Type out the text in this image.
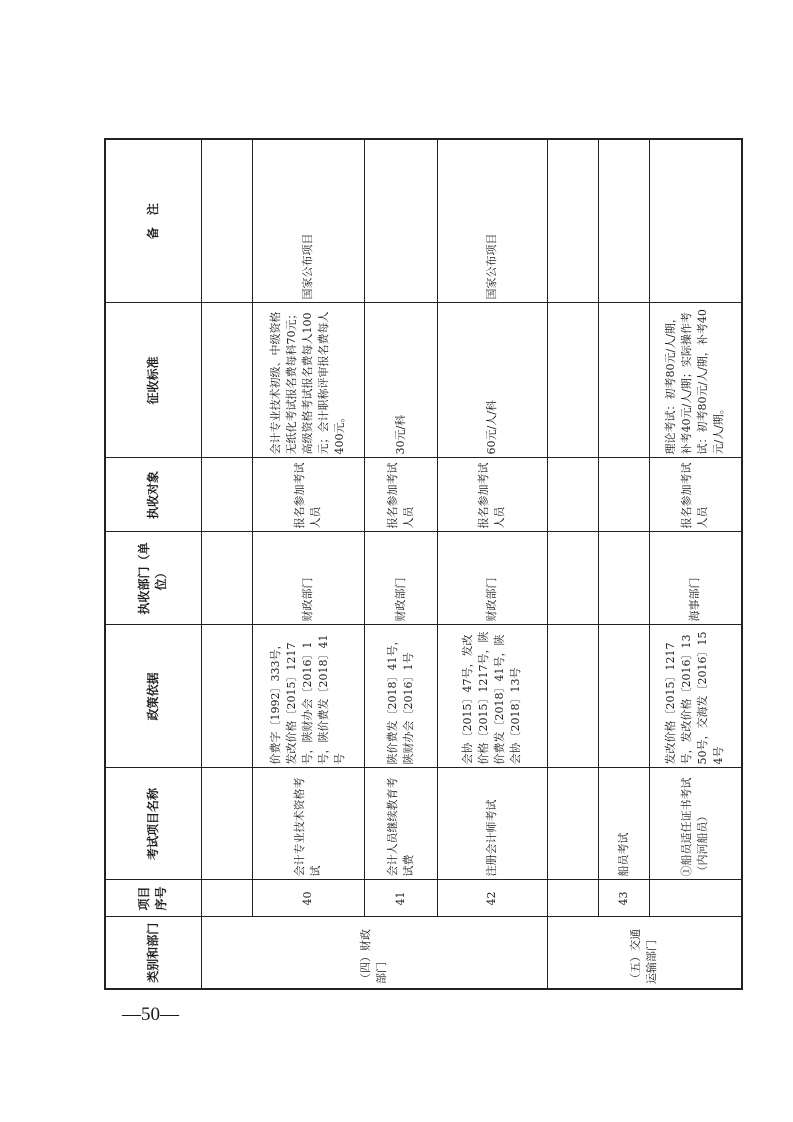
—50—
类别和部门	项目序号	考试项目名称	政策依据	执收部门（单位）	执收对象	征收标准	备　注
（四）财政部门							
	40	会计专业技术资格考试	价费字〔1992〕333号，发改价格〔2015〕1217号，陕财办会〔2016〕1号，陕价费发〔2018〕41号	财政部门	报名参加考试人员	会计专业技术初级、中级资格无纸化考试报名费每科70元；高级资格考试报名费每人100元；会计职称评审报名费每人400元。	国家公布项目
	41	会计人员继续教育考试费	陕价费发〔2018〕41号，陕财办会〔2016〕1号	财政部门	报名参加考试人员	30元/科	
	42	注册会计师考试	会协〔2015〕47号，发改价格〔2015〕1217号，陕价费发〔2018〕41号，陕会协〔2018〕13号	财政部门	报名参加考试人员	60元/人/科	国家公布项目
（五）交通运输部门							
	43	船员考试					
		①船员适任证书考试（内河船员）	发改价格〔2015〕1217号，发改价格〔2016〕1350号，交海发〔2016〕154号	海事部门	报名参加考试人员	理论考试：初考80元/人/期，补考40元/人/期；实际操作考试：初考80元/人/期，补考40元/人/期。	
